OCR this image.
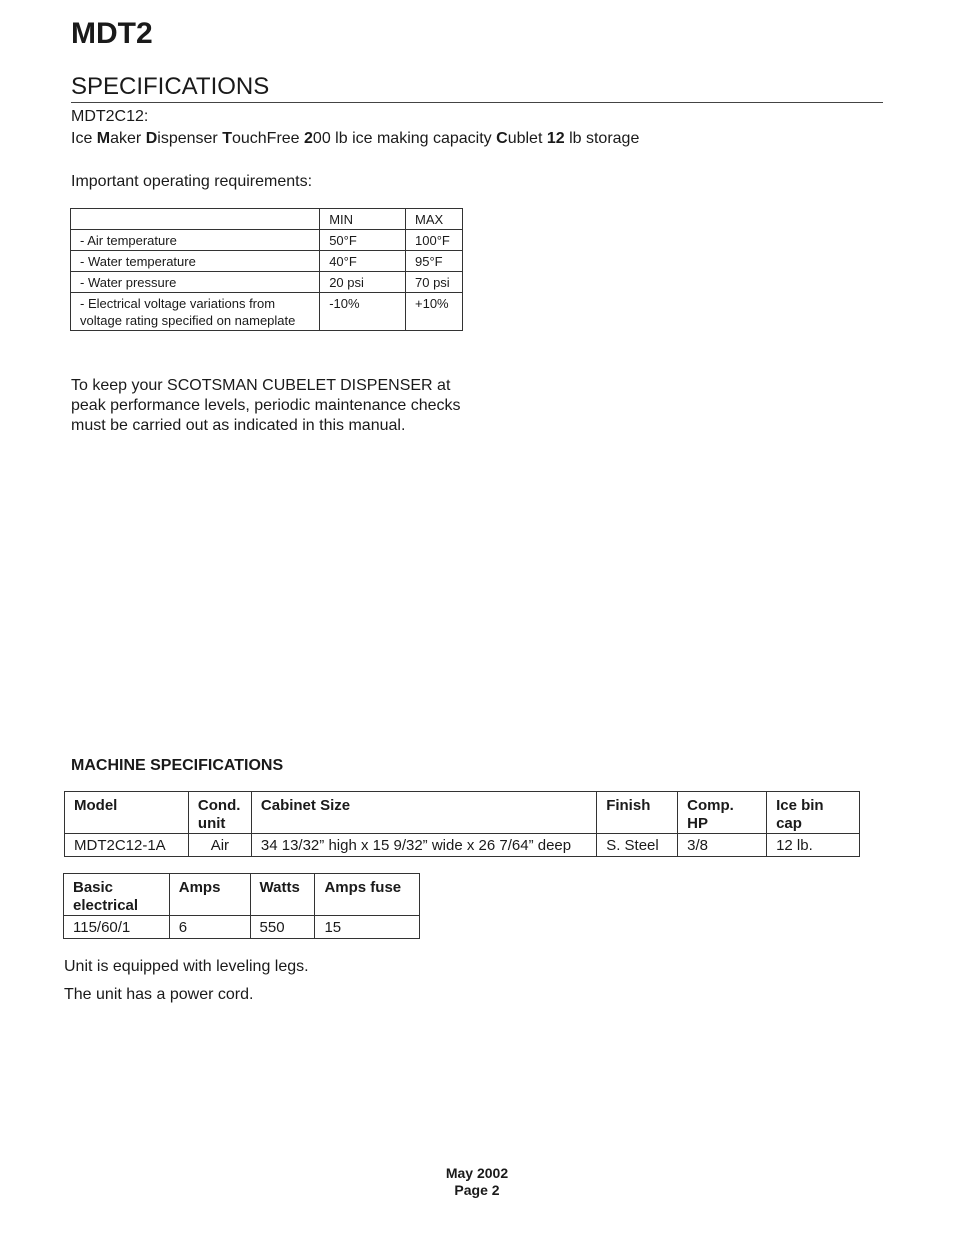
MDT2
SPECIFICATIONS
MDT2C12:
Ice Maker Dispenser TouchFree 200 lb ice making capacity Cublet 12 lb storage
Important operating requirements:
	MIN	MAX
- Air temperature	50°F	100°F
- Water temperature	40°F	95°F
- Water pressure	20 psi	70 psi
- Electrical voltage variations from voltage rating specified on nameplate	-10%	+10%
To keep your SCOTSMAN CUBELET DISPENSER at peak performance levels, periodic maintenance checks must be carried out as indicated in this manual.
MACHINE SPECIFICATIONS
Model	Cond. unit	Cabinet Size	Finish	Comp. HP	Ice bin cap
MDT2C12-1A	Air	34 13/32” high x 15 9/32” wide x 26 7/64” deep	S. Steel	3/8	12 lb.
Basic electrical	Amps	Watts	Amps fuse
115/60/1	6	550	15
Unit is equipped with leveling legs.
The unit has a power cord.
May 2002
Page 2
